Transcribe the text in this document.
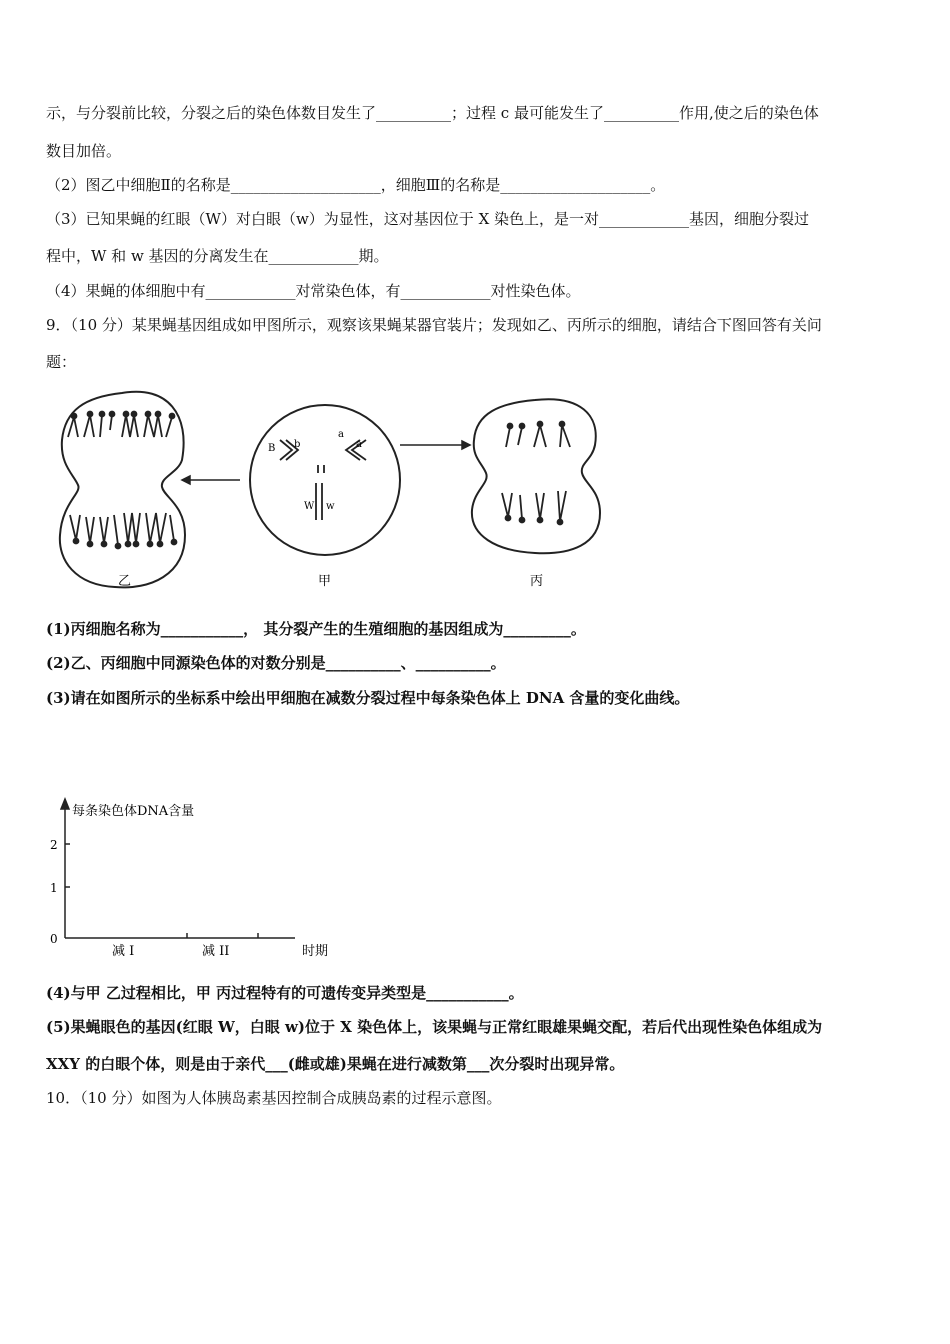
示，与分裂前比较，分裂之后的染色体数目发生了__________；过程 c 最可能发生了__________作用,使之后的染色体
数目加倍。
（2）图乙中细胞Ⅱ的名称是____________________，细胞Ⅲ的名称是____________________。
（3）已知果蝇的红眼（W）对白眼（w）为显性，这对基因位于 X 染色上，是一对____________基因，细胞分裂过
程中，W 和 w 基因的分离发生在____________期。
（4）果蝇的体细胞中有____________对常染色体，有____________对性染色体。
9．（10 分）某果蝇基因组成如甲图所示，观察该果蝇某器官装片；发现如乙、丙所示的细胞，请结合下图回答有关问
题：
B b
a
a
W w
乙	甲	丙
(1)丙细胞名称为___________， 其分裂产生的生殖细胞的基因组成为_________。
(2)乙、丙细胞中同源染色体的对数分别是__________、__________。
(3)请在如图所示的坐标系中绘出甲细胞在减数分裂过程中每条染色体上 DNA 含量的变化曲线。
每条染色体DNA含量
2
1
0
减 I	减 II	时期
(4)与甲 乙过程相比，甲 丙过程特有的可遗传变异类型是___________。
(5)果蝇眼色的基因(红眼 W，白眼 w)位于 X 染色体上，该果蝇与正常红眼雄果蝇交配，若后代出现性染色体组成为
XXY 的白眼个体，则是由于亲代___(雌或雄)果蝇在进行减数第___次分裂时出现异常。
10．（10 分）如图为人体胰岛素基因控制合成胰岛素的过程示意图。
